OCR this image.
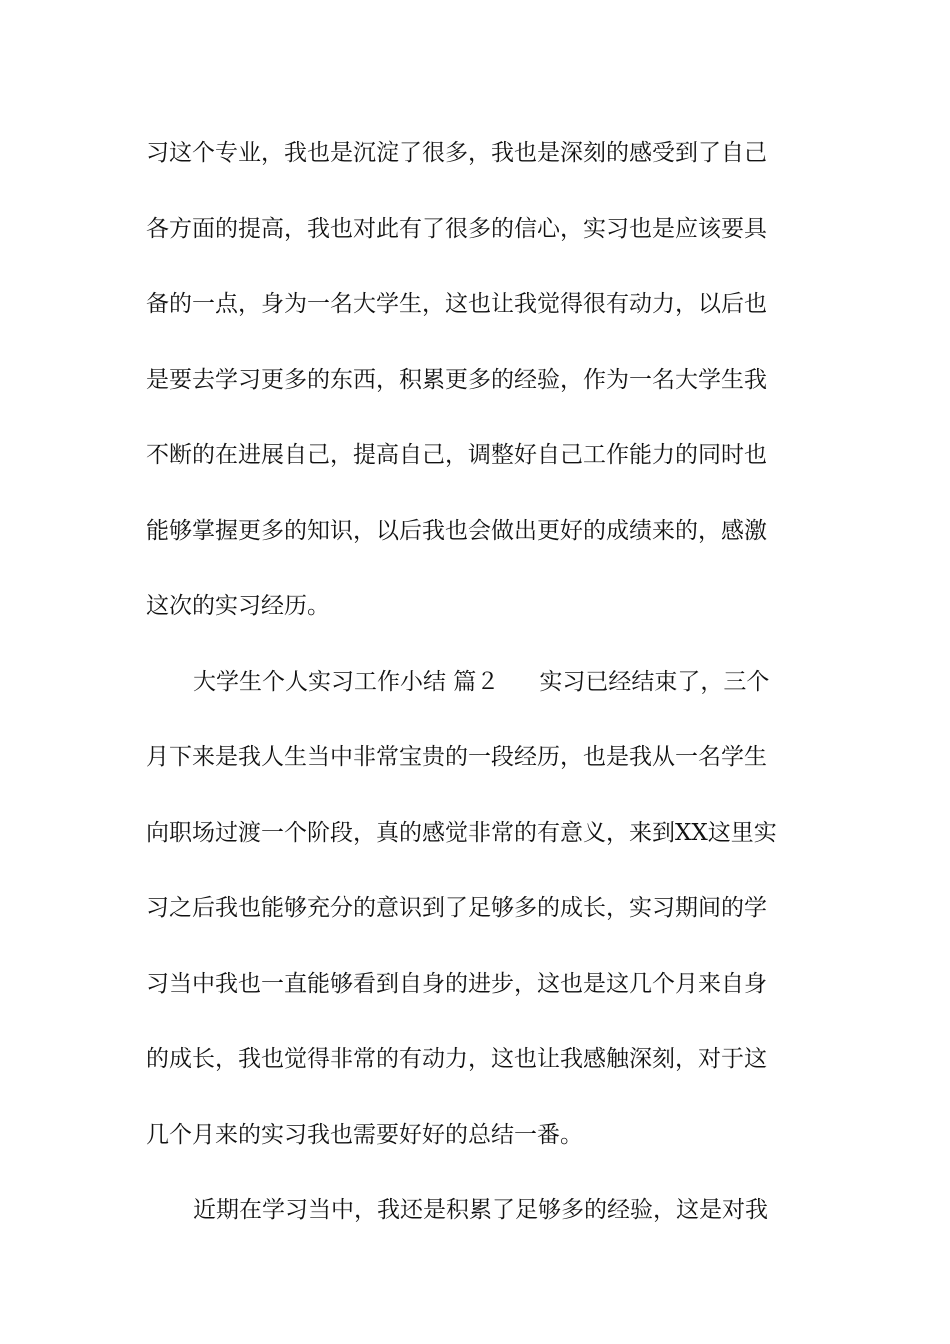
习这个专业，我也是沉淀了很多，我也是深刻的感受到了自己
各方面的提高，我也对此有了很多的信心，实习也是应该要具
备的一点，身为一名大学生，这也让我觉得很有动力，以后也
是要去学习更多的东西，积累更多的经验，作为一名大学生我
不断的在进展自己，提高自己，调整好自己工作能力的同时也
能够掌握更多的知识，以后我也会做出更好的成绩来的，感激
这次的实习经历。
大学生个人实习工作小结 篇２ 实习已经结束了，三个
月下来是我人生当中非常宝贵的一段经历，也是我从一名学生
向职场过渡一个阶段，真的感觉非常的有意义，来到XX这里实
习之后我也能够充分的意识到了足够多的成长，实习期间的学
习当中我也一直能够看到自身的进步，这也是这几个月来自身
的成长，我也觉得非常的有动力，这也让我感触深刻，对于这
几个月来的实习我也需要好好的总结一番。
近期在学习当中，我还是积累了足够多的经验，这是对我
